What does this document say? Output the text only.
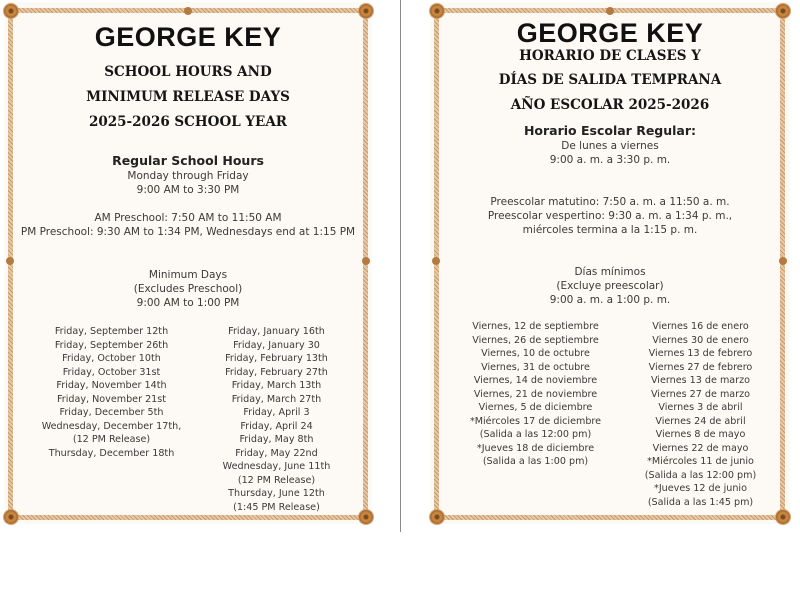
GEORGE KEY
SCHOOL HOURS AND
MINIMUM RELEASE DAYS
2025-2026 SCHOOL YEAR
Regular School Hours
Monday through Friday
9:00 AM to 3:30 PM
AM Preschool: 7:50 AM to 11:50 AM
PM Preschool: 9:30 AM to 1:34 PM, Wednesdays end at 1:15 PM
Minimum Days
(Excludes Preschool)
9:00 AM to 1:00 PM
Friday, September 12th
Friday, September 26th
Friday, October 10th
Friday, October 31st
Friday, November 14th
Friday, November 21st
Friday, December 5th
Wednesday, December 17th,
(12 PM Release)
Thursday, December 18th
Friday, January 16th
Friday, January 30
Friday, February 13th
Friday, February 27th
Friday, March 13th
Friday, March 27th
Friday, April 3
Friday, April 24
Friday, May 8th
Friday, May 22nd
Wednesday, June 11th
(12 PM Release)
Thursday, June 12th
(1:45 PM Release)
GEORGE KEY
HORARIO DE CLASES Y
DÍAS DE SALIDA TEMPRANA
AÑO ESCOLAR 2025-2026
Horario Escolar Regular:
De lunes a viernes
9:00 a. m. a 3:30 p. m.
Preescolar matutino: 7:50 a. m. a 11:50 a. m.
Preescolar vespertino: 9:30 a. m. a 1:34 p. m.,
miércoles termina a la 1:15 p. m.
Días mínimos
(Excluye preescolar)
9:00 a. m. a 1:00 p. m.
Viernes, 12 de septiembre
Viernes, 26 de septiembre
Viernes, 10 de octubre
Viernes, 31 de octubre
Viernes, 14 de noviembre
Viernes, 21 de noviembre
Viernes, 5 de diciembre
*Miércoles 17 de diciembre
(Salida a las 12:00 pm)
*Jueves 18 de diciembre
(Salida a las 1:00 pm)
Viernes 16 de enero
Viernes 30 de enero
Viernes 13 de febrero
Viernes 27 de febrero
Viernes 13 de marzo
Viernes 27 de marzo
Viernes 3 de abril
Viernes 24 de abril
Viernes 8 de mayo
Viernes 22 de mayo
*Miércoles 11 de junio
(Salida a las 12:00 pm)
*Jueves 12 de junio
(Salida a las 1:45 pm)
